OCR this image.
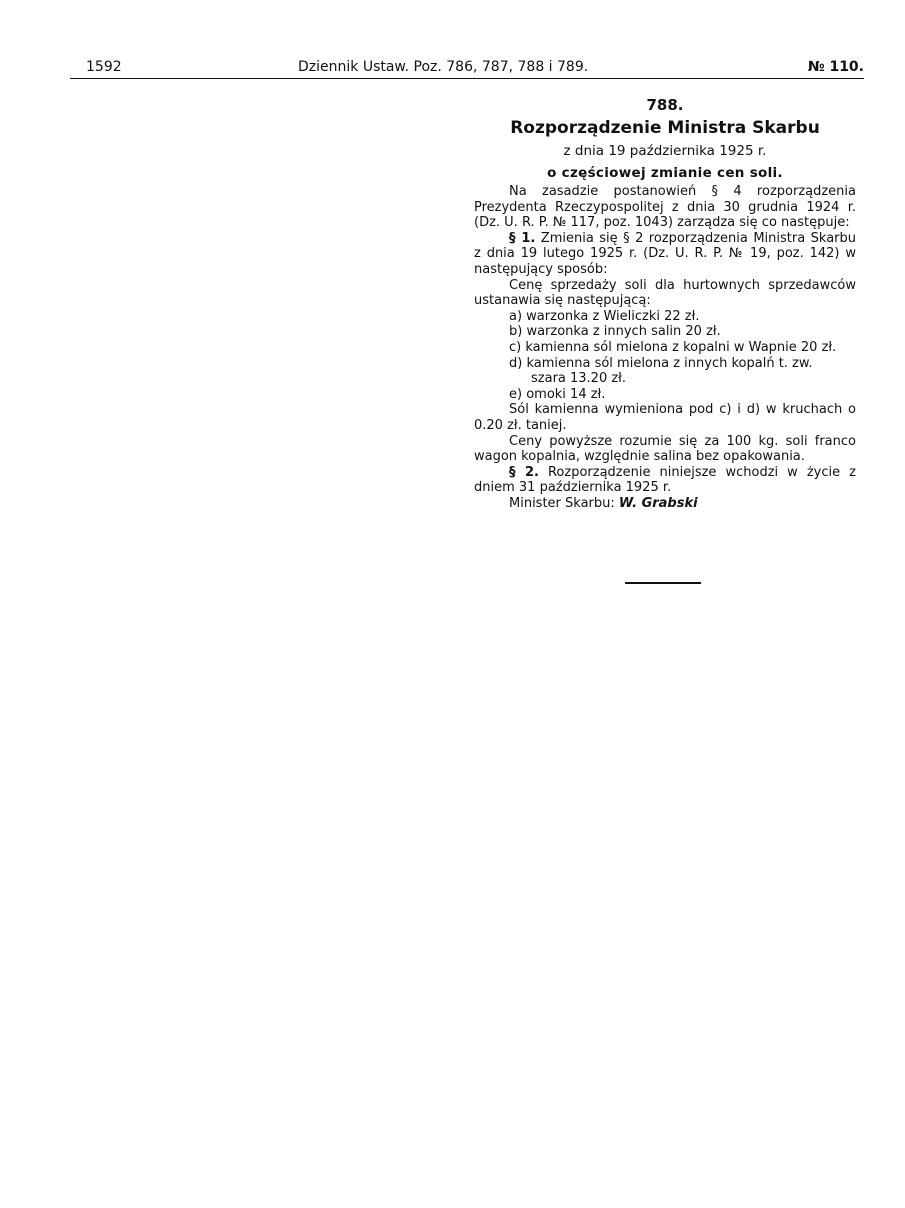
1592	Dziennik Ustaw. Poz. 786, 787, 788 i 789.	№ 110.
788.
Rozporządzenie Ministra Skarbu
z dnia 19 października 1925 r.
o częściowej zmianie cen soli.

Na zasadzie postanowień § 4 rozporządzenia Prezydenta Rzeczypospolitej z dnia 30 grudnia 1924 r. (Dz. U. R. P. № 117, poz. 1043) zarządza się co następuje:

§ 1. Zmienia się § 2 rozporządzenia Ministra Skarbu z dnia 19 lutego 1925 r. (Dz. U. R. P. № 19, poz. 142) w następujący sposób:

Cenę sprzedaży soli dla hurtownych sprzedawców ustanawia się następującą:

a) warzonka z Wieliczki 22 zł.

b) warzonka z innych salin 20 zł.

c) kamienna sól mielona z kopalni w Wapnie 20 zł.

d) kamienna sól mielona z innych kopalń t. zw.

szara 13.20 zł.

e) omoki 14 zł.

Sól kamienna wymieniona pod c) i d) w kruchach o 0.20 zł. taniej.

Ceny powyższe rozumie się za 100 kg. soli franco wagon kopalnia, względnie salina bez opakowania.

§ 2. Rozporządzenie niniejsze wchodzi w życie z dniem 31 października 1925 r.

Minister Skarbu: W. Grabski
